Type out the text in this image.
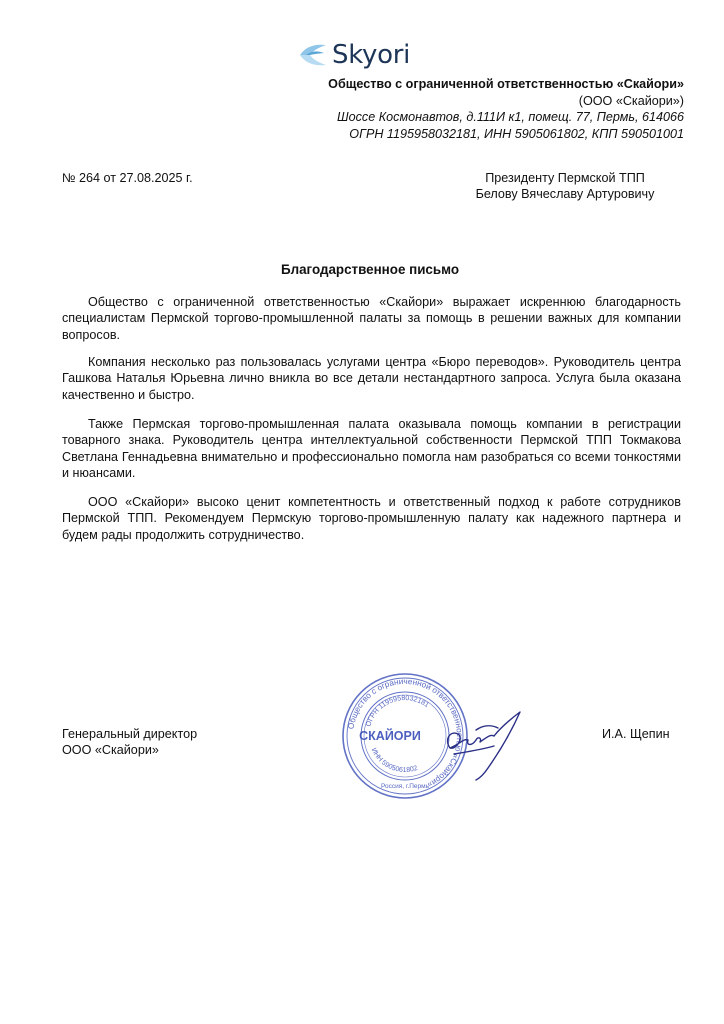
Skyori
Общество с ограниченной ответственностью «Скайори»
(ООО «Скайори»)
Шоссе Космонавтов, д.111И к1, помещ. 77, Пермь, 614066
ОГРН 1195958032181, ИНН 5905061802, КПП 590501001
№ 264 от 27.08.2025 г.	Президенту Пермской ТПП
Белову Вячеславу Артуровичу
Благодарственное письмо

Общество с ограниченной ответственностью «Скайори» выражает искреннюю благодарность специалистам Пермской торгово-промышленной палаты за помощь в решении важных для компании вопросов.

Компания несколько раз пользовалась услугами центра «Бюро переводов». Руководитель центра Гашкова Наталья Юрьевна лично вникла во все детали нестандартного запроса. Услуга была оказана качественно и быстро.

Также Пермская торгово-промышленная палата оказывала помощь компании в регистрации товарного знака. Руководитель центра интеллектуальной собственности Пермской ТПП Токмакова Светлана Геннадьевна внимательно и профессионально помогла нам разобраться со всеми тонкостями и нюансами.

ООО «Скайори» высоко ценит компетентность и ответственный подход к работе сотрудников Пермской ТПП. Рекомендуем Пермскую торгово-промышленную палату как надежного партнера и будем рады продолжить сотрудничество.

Генеральный директор
ООО «Скайори»
И.А. Щепин
Общество с ограниченной ответственностью «Скайори»
ОГРН 1195958032181
ИНН 5905061802
СКАЙОРИ
Россия, г.Пермь
